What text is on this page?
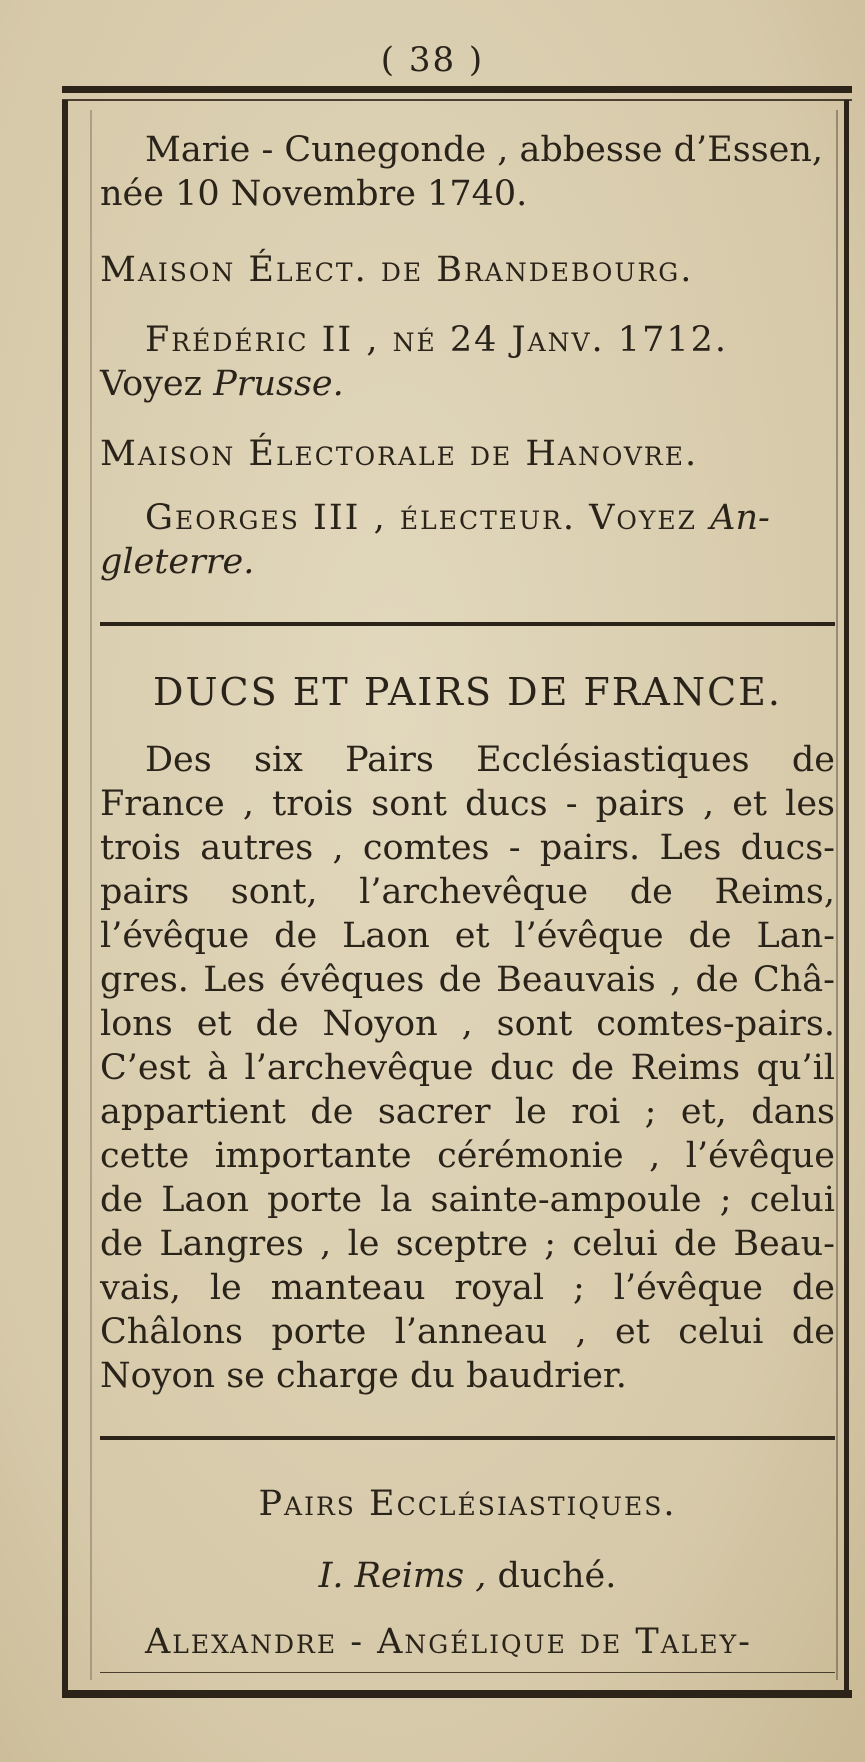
( 38 )
Marie - Cunegonde , abbesse d’Essen,
née 10 Novembre 1740.
Maison Élect. de Brandebourg.
Frédéric II , né 24 Janv. 1712.
Voyez Prusse.
Maison Électorale de Hanovre.
Georges III , électeur. Voyez An-
gleterre.
DUCS ET PAIRS DE FRANCE.
Des six Pairs Ecclésiastiques de
France , trois sont ducs - pairs , et les
trois autres , comtes - pairs. Les ducs-
pairs sont, l’archevêque de Reims,
l’évêque de Laon et l’évêque de Lan-
gres. Les évêques de Beauvais , de Châ-
lons et de Noyon , sont comtes-pairs.
C’est à l’archevêque duc de Reims qu’il
appartient de sacrer le roi ; et, dans
cette importante cérémonie , l’évêque
de Laon porte la sainte-ampoule ; celui
de Langres , le sceptre ; celui de Beau-
vais, le manteau royal ; l’évêque de
Châlons porte l’anneau , et celui de
Noyon se charge du baudrier.
Pairs Ecclésiastiques.
I. Reims , duché.
Alexandre - Angélique de Taley-
